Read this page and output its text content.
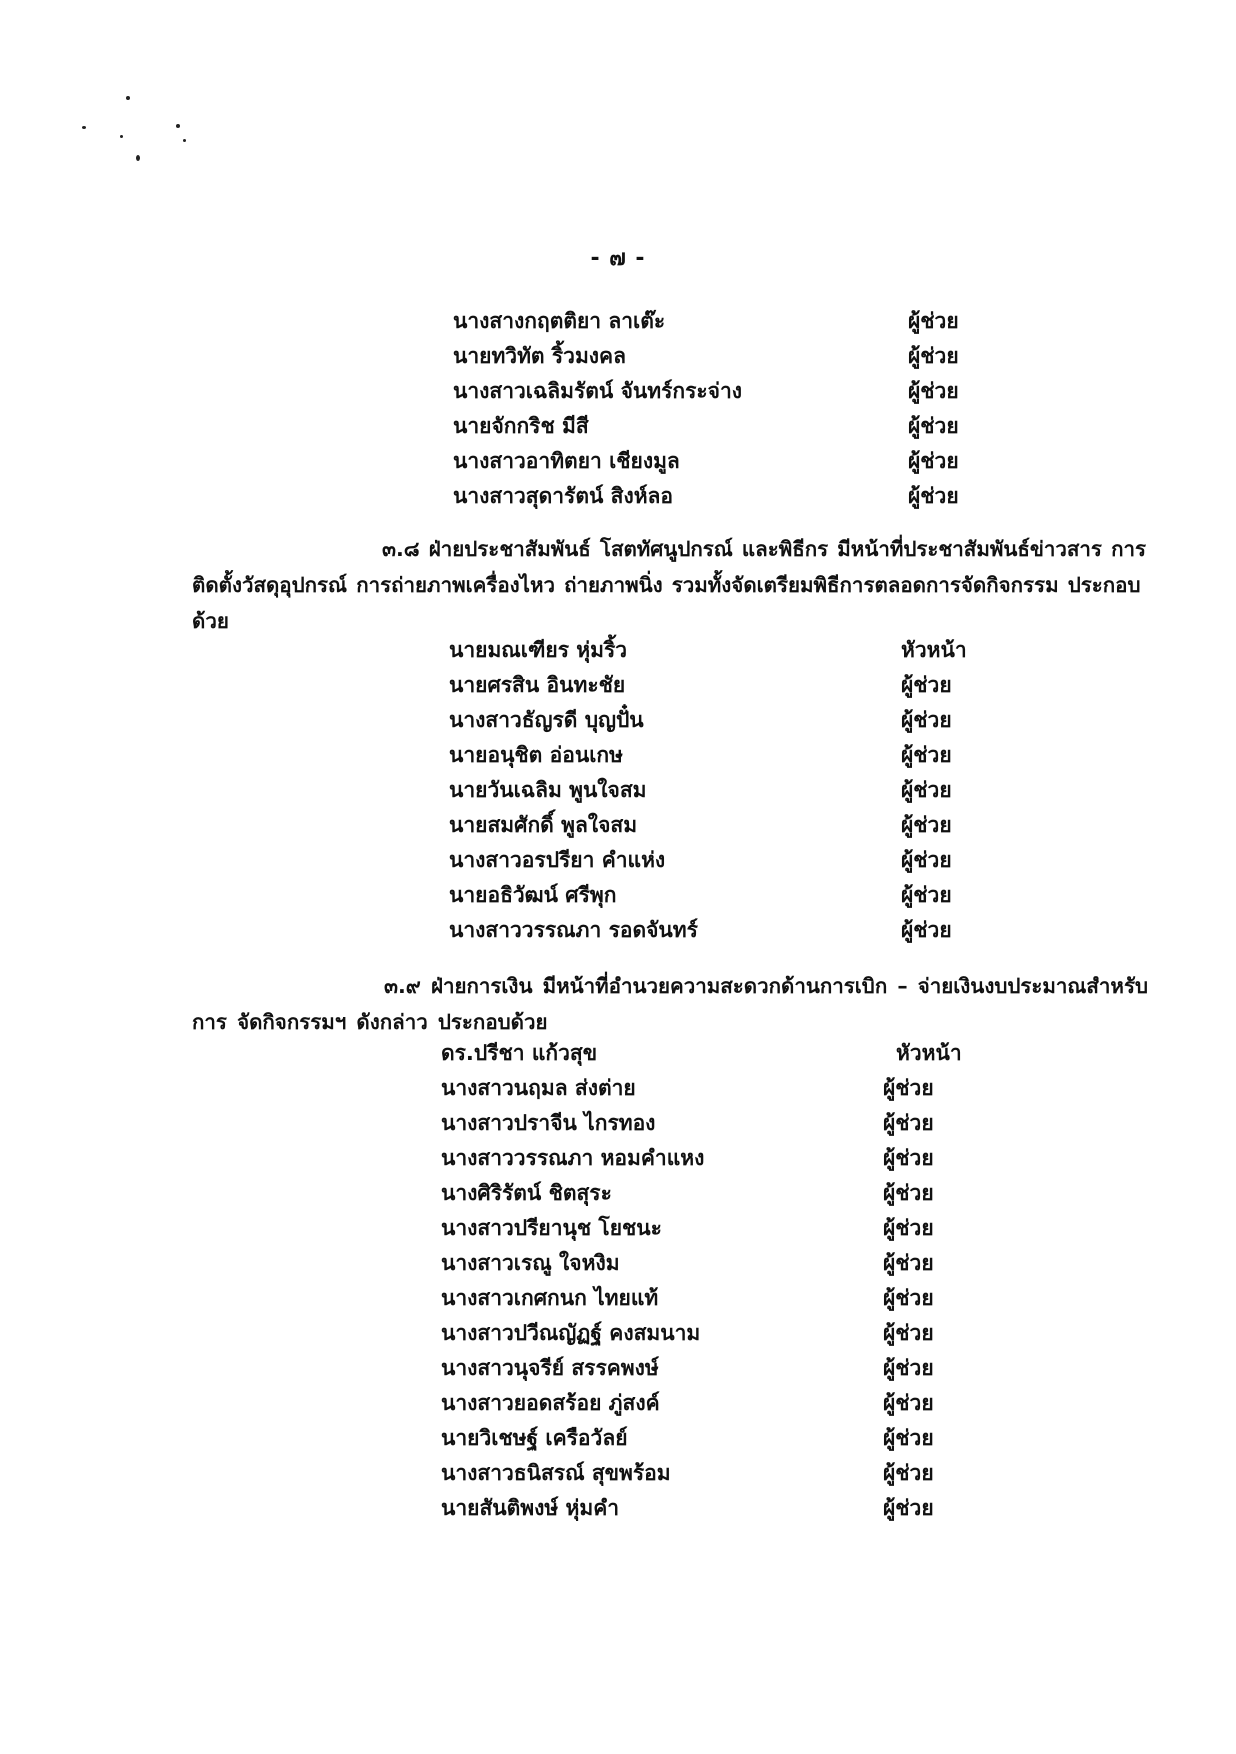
- ๗ -
นางสางกฤตติยา ลาเต๊ะ	ผู้ช่วย
นายทวิทัต ริ้วมงคล	ผู้ช่วย
นางสาวเฉลิมรัตน์ จันทร์กระจ่าง	ผู้ช่วย
นายจักกริช มีสี	ผู้ช่วย
นางสาวอาทิตยา เชียงมูล	ผู้ช่วย
นางสาวสุดารัตน์ สิงห์ลอ	ผู้ช่วย
๓.๘ ฝ่ายประชาสัมพันธ์ โสตทัศนูปกรณ์ และพิธีกร มีหน้าที่ประชาสัมพันธ์ข่าวสาร การติดตั้งวัสดุอุปกรณ์ การถ่ายภาพเครื่องไหว ถ่ายภาพนิ่ง รวมทั้งจัดเตรียมพิธีการตลอดการจัดกิจกรรม ประกอบด้วย
นายมณเฑียร หุ่มริ้ว	หัวหน้า
นายศรสิน อินทะชัย	ผู้ช่วย
นางสาวธัญรดี บุญปั๋น	ผู้ช่วย
นายอนุชิต อ่อนเกษ	ผู้ช่วย
นายวันเฉลิม พูนใจสม	ผู้ช่วย
นายสมศักดิ์ พูลใจสม	ผู้ช่วย
นางสาวอรปรียา คำแห่ง	ผู้ช่วย
นายอธิวัฒน์ ศรีพุก	ผู้ช่วย
นางสาววรรณภา รอดจันทร์	ผู้ช่วย
๓.๙ ฝ่ายการเงิน มีหน้าที่อำนวยความสะดวกด้านการเบิก – จ่ายเงินงบประมาณสำหรับการ จัดกิจกรรมฯ ดังกล่าว ประกอบด้วย
ดร.ปรีชา แก้วสุข	หัวหน้า
นางสาวนฤมล ส่งต่าย	ผู้ช่วย
นางสาวปราจีน ไกรทอง	ผู้ช่วย
นางสาววรรณภา หอมคำแหง	ผู้ช่วย
นางศิริรัตน์ ชิตสุระ	ผู้ช่วย
นางสาวปรียานุช โยชนะ	ผู้ช่วย
นางสาวเรณู ใจหงิม	ผู้ช่วย
นางสาวเกศกนก ไทยแท้	ผู้ช่วย
นางสาวปวีณญัฏฐ์ คงสมนาม	ผู้ช่วย
นางสาวนุจรีย์ สรรคพงษ์	ผู้ช่วย
นางสาวยอดสร้อย ภู่สงค์	ผู้ช่วย
นายวิเชษฐ์ เครือวัลย์	ผู้ช่วย
นางสาวธนิสรณ์ สุขพร้อม	ผู้ช่วย
นายสันติพงษ์ หุ่มคำ	ผู้ช่วย
